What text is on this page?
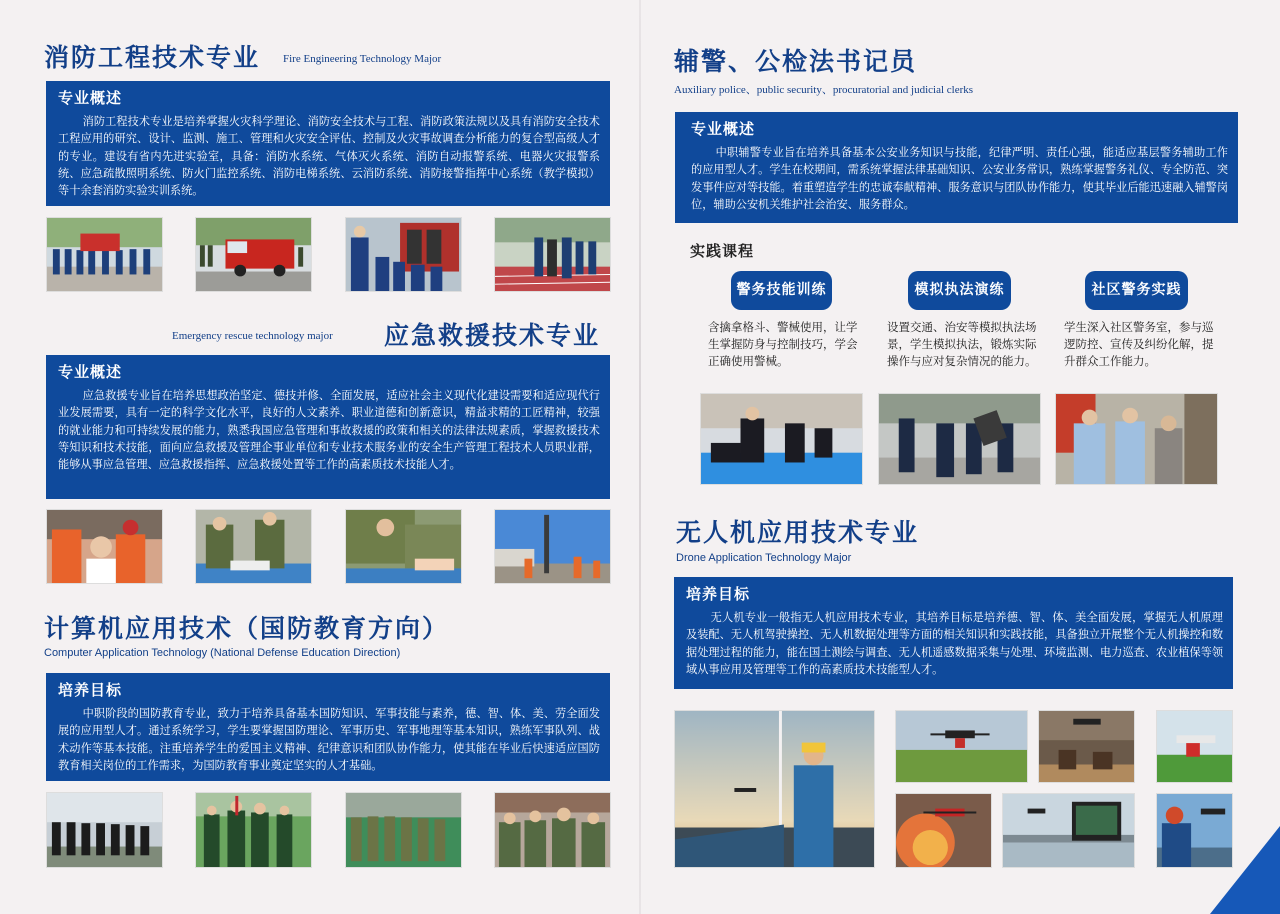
消防工程技术专业 Fire Engineering Technology Major
专业概述

消防工程技术专业是培养掌握火灾科学理论、消防安全技术与工程、消防政策法规以及具有消防安全技术工程应用的研究、设计、监测、施工、管理和火灾安全评估、控制及火灾事故调查分析能力的复合型高级人才的专业。建设有省内先进实验室，具备：消防水系统、气体灭火系统、消防自动报警系统、电器火灾报警系统、应急疏散照明系统、防火门监控系统、消防电梯系统、云消防系统、消防接警指挥中心系统（教学模拟）等十余套消防实验实训系统。

Emergency rescue technology major 应急救援技术专业
专业概述

应急救援专业旨在培养思想政治坚定、德技并修、全面发展，适应社会主义现代化建设需要和适应现代行业发展需要，具有一定的科学文化水平，良好的人文素养、职业道德和创新意识，精益求精的工匠精神，较强的就业能力和可持续发展的能力，熟悉我国应急管理和事故救援的政策和相关的法律法规素质，掌握救援技术等知识和技术技能，面向应急救援及管理企事业单位和专业技术服务业的安全生产管理工程技术人员职业群，能够从事应急管理、应急救援指挥、应急救援处置等工作的高素质技术技能人才。

计算机应用技术（国防教育方向）
Computer Application Technology (National Defense Education Direction)
培养目标

中职阶段的国防教育专业，致力于培养具备基本国防知识、军事技能与素养，德、智、体、美、劳全面发展的应用型人才。通过系统学习，学生要掌握国防理论、军事历史、军事地理等基本知识，熟练军事队列、战术动作等基本技能。注重培养学生的爱国主义精神、纪律意识和团队协作能力，使其能在毕业后快速适应国防教育相关岗位的工作需求，为国防教育事业奠定坚实的人才基础。

辅警、公检法书记员
Auxiliary police、public security、procuratorial and judicial clerks
专业概述

中职辅警专业旨在培养具备基本公安业务知识与技能，纪律严明、责任心强，能适应基层警务辅助工作的应用型人才。学生在校期间，需系统掌握法律基础知识、公安业务常识，熟练掌握警务礼仪、专全防范、突发事件应对等技能。着重塑造学生的忠诚奉献精神、服务意识与团队协作能力，使其毕业后能迅速融入辅警岗位，辅助公安机关维护社会治安、服务群众。

实践课程
警务技能训练	模拟执法演练	社区警务实践
含擒拿格斗、警械使用，让学生掌握防身与控制技巧，学会正确使用警械。
设置交通、治安等模拟执法场景，学生模拟执法，锻炼实际操作与应对复杂情况的能力。
学生深入社区警务室，参与巡逻防控、宣传及纠纷化解，提升群众工作能力。
无人机应用技术专业
Drone Application Technology Major
培养目标

无人机专业一般指无人机应用技术专业，其培养目标是培养德、智、体、美全面发展，掌握无人机原理及装配、无人机驾驶操控、无人机数据处理等方面的相关知识和实践技能，具备独立开展整个无人机操控和数据处理过程的能力，能在国土测绘与调查、无人机遥感数据采集与处理、环境监测、电力巡查、农业植保等领域从事应用及管理等工作的高素质技术技能型人才。
